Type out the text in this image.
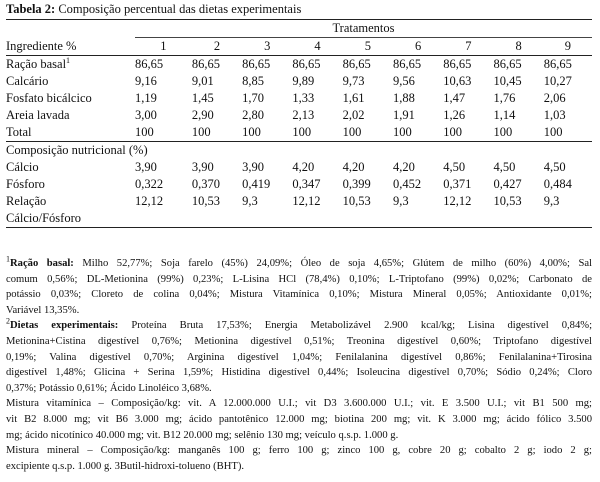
Tabela 2: Composição percentual das dietas experimentais
	Tratamentos								
Ingrediente %	1	2	3	4	5	6	7	8	9
Ração basal$^1$	86,65	86,65	86,65	86,65	86,65	86,65	86,65	86,65	86,65
Calcário	9,16	9,01	8,85	9,89	9,73	9,56	10,63	10,45	10,27
Fosfato bicálcico	1,19	1,45	1,70	1,33	1,61	1,88	1,47	1,76	2,06
Areia lavada	3,00	2,90	2,80	2,13	2,02	1,91	1,26	1,14	1,03
Total	100	100	100	100	100	100	100	100	100
Composição nutricional (%)									
Cálcio	3,90	3,90	3,90	4,20	4,20	4,20	4,50	4,50	4,50
Fósforo	0,322	0,370	0,419	0,347	0,399	0,452	0,371	0,427	0,484
Relação	12,12	10,53	9,3	12,12	10,53	9,3	12,12	10,53	9,3
Cálcio/Fósforo									

$^1$Ração basal: Milho 52,77%; Soja farelo (45%) 24,09%; Óleo de soja 4,65%; Glútem de milho (60%) 4,00%; Sal
comum 0,56%; DL-Metionina (99%) 0,23%; L-Lisina HCl (78,4%) 0,10%; L-Triptofano (99%) 0,02%; Carbonato de
potássio 0,03%; Cloreto de colina 0,04%; Mistura Vitamínica 0,10%; Mistura Mineral 0,05%; Antioxidante 0,01%;
Variável 13,35%.

$^2$Dietas experimentais: Proteína Bruta 17,53%; Energia Metabolizável 2.900 kcal/kg; Lisina digestível 0,84%;
Metionina+Cistina digestível 0,76%; Metionina digestível 0,51%; Treonina digestível 0,60%; Triptofano digestível
0,19%; Valina digestível 0,70%; Arginina digestível 1,04%; Fenilalanina digestível 0,86%; Fenilalanina+Tirosina
digestível 1,48%; Glicina + Serina 1,59%; Histidina digestível 0,44%; Isoleucina digestível 0,70%; Sódio 0,24%; Cloro
0,37%; Potássio 0,61%; Ácido Linoléico 3,68%.

Mistura vitamínica – Composição/kg: vit. A 12.000.000 U.I.; vit D3 3.600.000 U.I.; vit. E 3.500 U.I.; vit B1 500 mg;
vit B2 8.000 mg; vit B6 3.000 mg; ácido pantotênico 12.000 mg; biotina 200 mg; vit. K 3.000 mg; ácido fólico 3.500
mg; ácido nicotínico 40.000 mg; vit. B12 20.000 mg; selênio 130 mg; veículo q.s.p. 1.000 g.

Mistura mineral – Composição/kg: manganês 100 g; ferro 100 g; zinco 100 g, cobre 20 g; cobalto 2 g; iodo 2 g;
excipiente q.s.p. 1.000 g. 3Butil-hidroxi-tolueno (BHT).
